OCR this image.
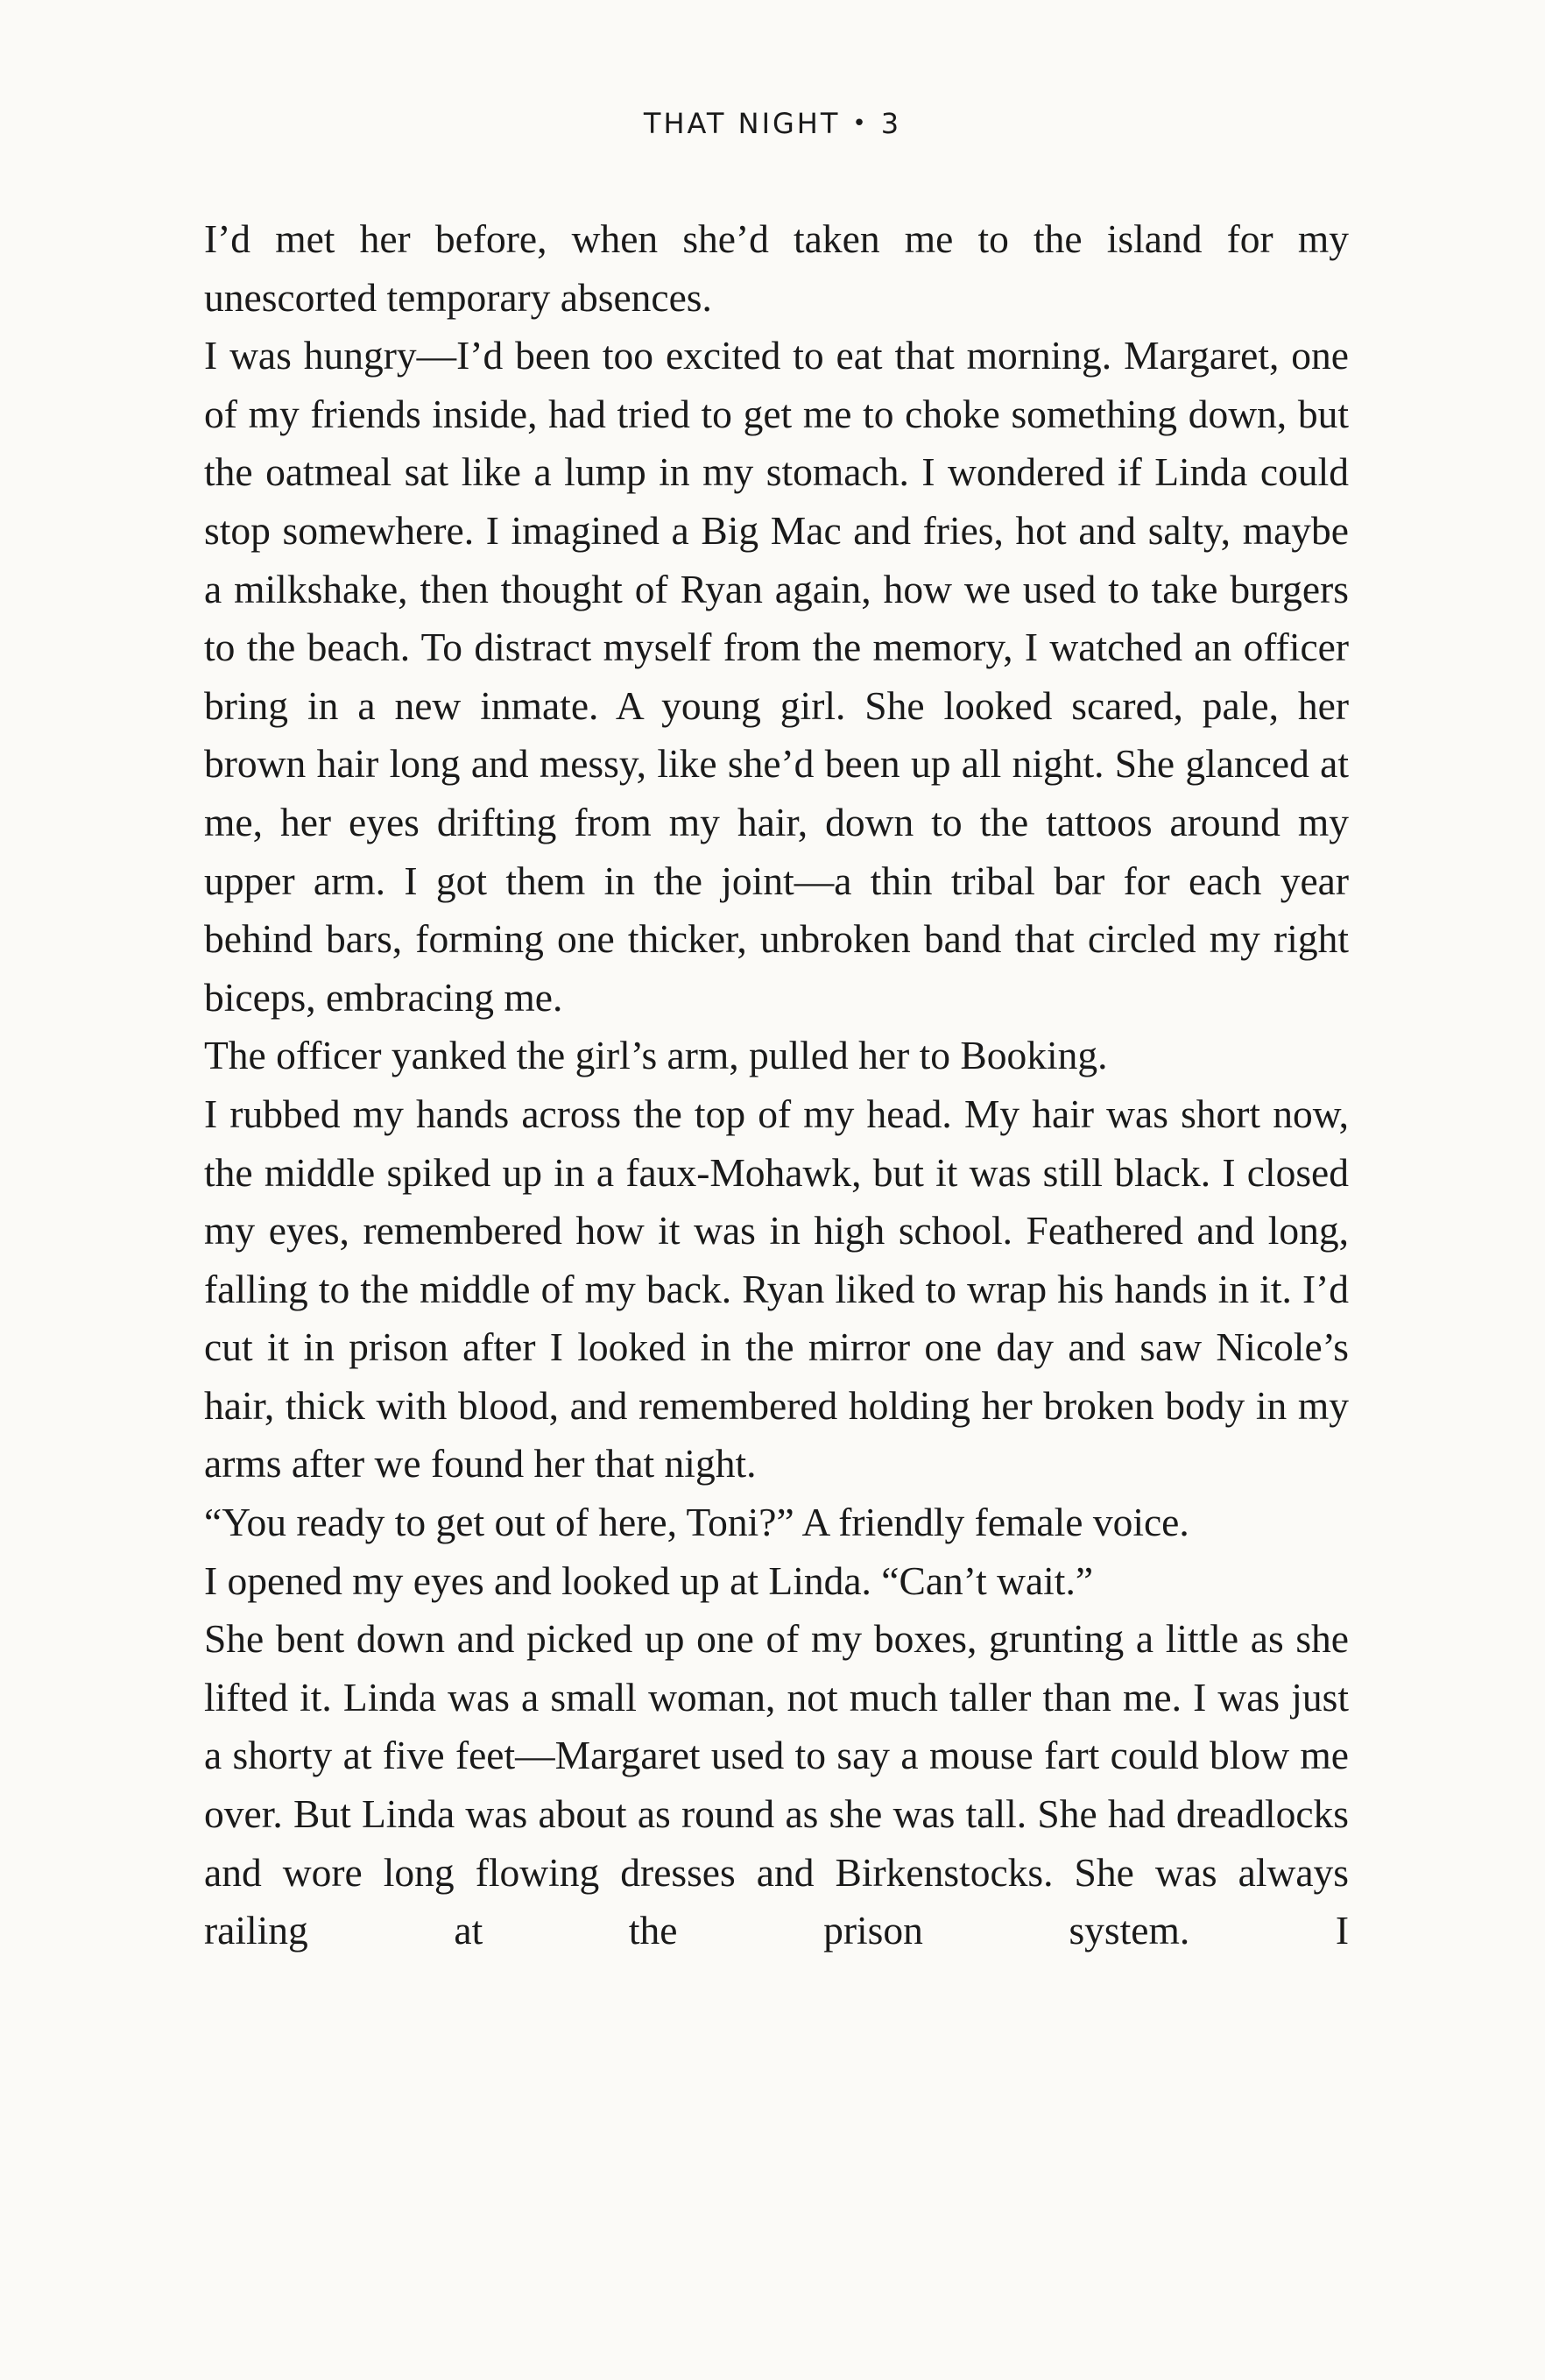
THAT NIGHT • 3

I’d met her before, when she’d taken me to the island for my unescorted temporary absences.

I was hungry—I’d been too excited to eat that morning. Margaret, one of my friends inside, had tried to get me to choke something down, but the oatmeal sat like a lump in my stomach. I wondered if Linda could stop somewhere. I imagined a Big Mac and fries, hot and salty, maybe a milkshake, then thought of Ryan again, how we used to take burgers to the beach. To distract myself from the memory, I watched an officer bring in a new inmate. A young girl. She looked scared, pale, her brown hair long and messy, like she’d been up all night. She glanced at me, her eyes drifting from my hair, down to the tattoos around my upper arm. I got them in the joint—a thin tribal bar for each year behind bars, forming one thicker, unbroken band that circled my right biceps, embracing me.

The officer yanked the girl’s arm, pulled her to Booking.

I rubbed my hands across the top of my head. My hair was short now, the middle spiked up in a faux-Mohawk, but it was still black. I closed my eyes, remembered how it was in high school. Feathered and long, falling to the middle of my back. Ryan liked to wrap his hands in it. I’d cut it in prison after I looked in the mirror one day and saw Nicole’s hair, thick with blood, and remembered holding her broken body in my arms after we found her that night.

“You ready to get out of here, Toni?” A friendly female voice.

I opened my eyes and looked up at Linda. “Can’t wait.”

She bent down and picked up one of my boxes, grunting a little as she lifted it. Linda was a small woman, not much taller than me. I was just a shorty at five feet—Margaret used to say a mouse fart could blow me over. But Linda was about as round as she was tall. She had dreadlocks and wore long flowing dresses and Birkenstocks. She was always railing at the prison system. I
